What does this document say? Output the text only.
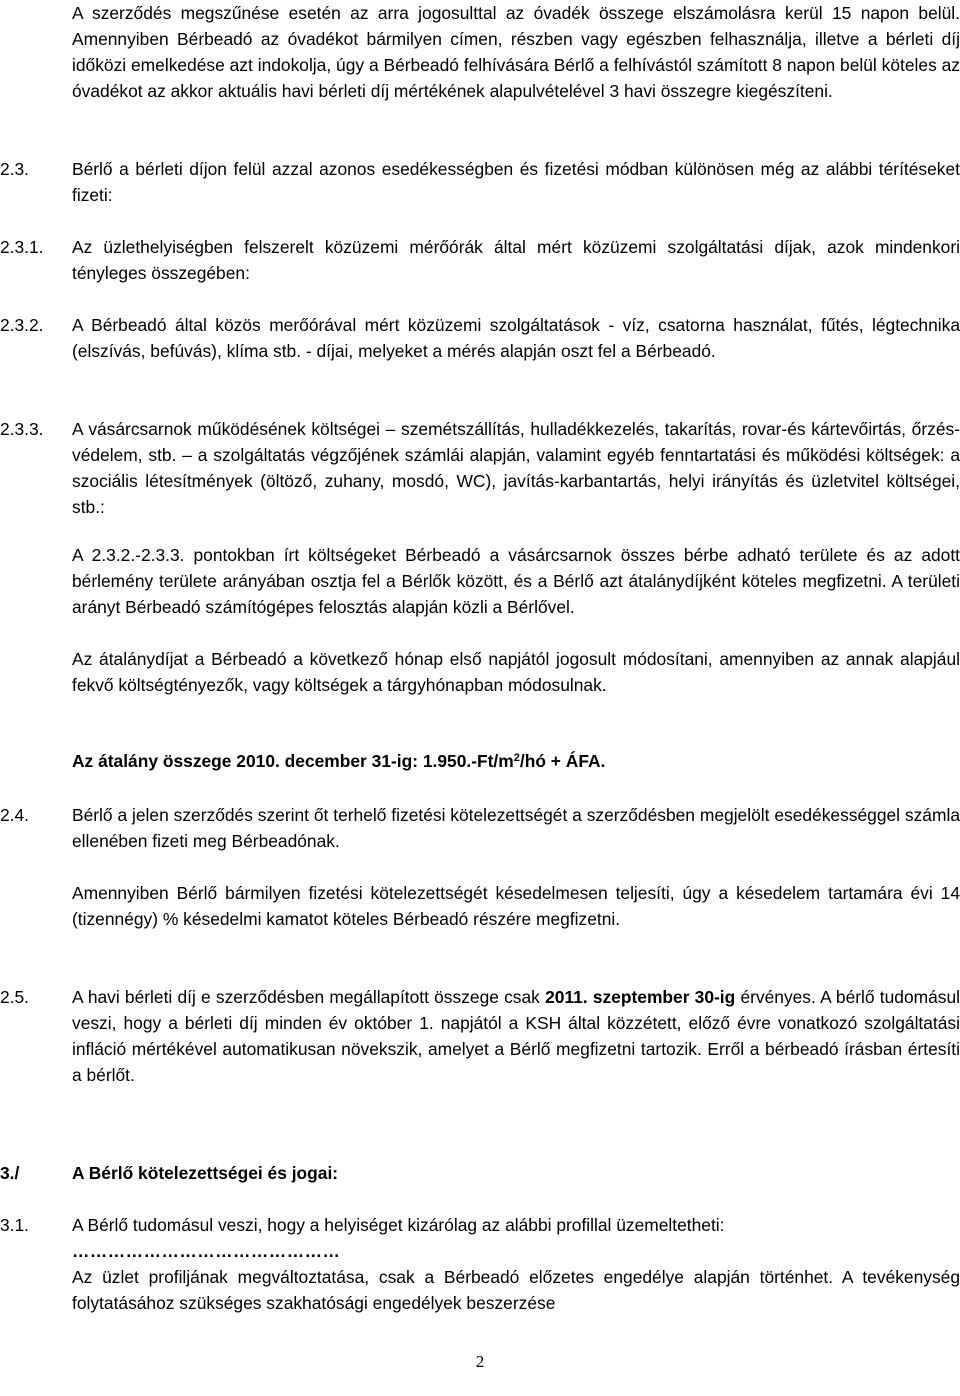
A szerződés megszűnése esetén az arra jogosulttal az óvadék összege elszámolásra kerül 15 napon belül. Amennyiben Bérbeadó az óvadékot bármilyen címen, részben vagy egészben felhasználja, illetve a bérleti díj időközi emelkedése azt indokolja, úgy a Bérbeadó felhívására Bérlő a felhívástól számított 8 napon belül köteles az óvadékot az akkor aktuális havi bérleti díj mértékének alapulvételével 3 havi összegre kiegészíteni.
2.3.	Bérlő a bérleti díjon felül azzal azonos esedékességben és fizetési módban különösen még az alábbi térítéseket fizeti:
2.3.1.	Az üzlethelyiségben felszerelt közüzemi mérőórák által mért közüzemi szolgáltatási díjak, azok mindenkori tényleges összegében:
2.3.2.	A Bérbeadó által közös merőórával mért közüzemi szolgáltatások - víz, csatorna használat, fűtés, légtechnika (elszívás, befúvás), klíma stb. - díjai, melyeket a mérés alapján oszt fel a Bérbeadó.
2.3.3.	A vásárcsarnok működésének költségei – szemétszállítás, hulladékkezelés, takarítás, rovar-és kártevőirtás, őrzés-védelem, stb. – a szolgáltatás végzőjének számlái alapján, valamint egyéb fenntartatási és működési költségek: a szociális létesítmények (öltöző, zuhany, mosdó, WC), javítás-karbantartás, helyi irányítás és üzletvitel költségei, stb.:
A 2.3.2.-2.3.3. pontokban írt költségeket Bérbeadó a vásárcsarnok összes bérbe adható területe és az adott bérlemény területe arányában osztja fel a Bérlők között, és a Bérlő azt átalánydíjként köteles megfizetni. A területi arányt Bérbeadó számítógépes felosztás alapján közli a Bérlővel.
Az átalánydíjat a Bérbeadó a következő hónap első napjától jogosult módosítani, amennyiben az annak alapjául fekvő költségtényezők, vagy költségek a tárgyhónapban módosulnak.
Az átalány összege 2010. december 31-ig: $1.950.-Ft/m^2/hó$ + ÁFA.
2.4.	Bérlő a jelen szerződés szerint őt terhelő fizetési kötelezettségét a szerződésben megjelölt esedékességgel számla ellenében fizeti meg Bérbeadónak.
Amennyiben Bérlő bármilyen fizetési kötelezettségét késedelmesen teljesíti, úgy a késedelem tartamára évi 14 (tizennégy) % késedelmi kamatot köteles Bérbeadó részére megfizetni.
2.5.	A havi bérleti díj e szerződésben megállapított összege csak 2011. szeptember 30-ig érvényes. A bérlő tudomásul veszi, hogy a bérleti díj minden év október 1. napjától a KSH által közzétett, előző évre vonatkozó szolgáltatási infláció mértékével automatikusan növekszik, amelyet a Bérlő megfizetni tartozik. Erről a bérbeadó írásban értesíti a bérlőt.
3./	A Bérlő kötelezettségei és jogai:
3.1.	A Bérlő tudomásul veszi, hogy a helyiséget kizárólag az alábbi profillal üzemeltetheti:
………………………………………
Az üzlet profiljának megváltoztatása, csak a Bérbeadó előzetes engedélye alapján történhet. A tevékenység folytatásához szükséges szakhatósági engedélyek beszerzése
2
